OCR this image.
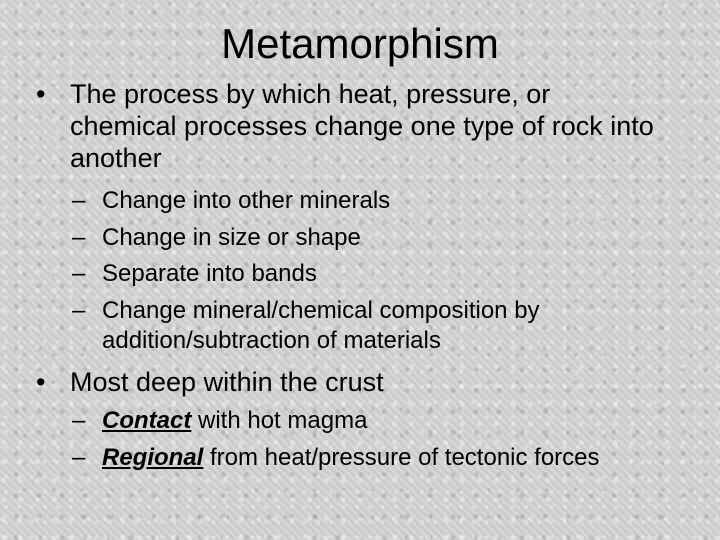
Metamorphism
• The process by which heat, pressure, or chemical processes change one type of rock into another
– Change into other minerals
– Change in size or shape
– Separate into bands
– Change mineral/chemical composition by addition/subtraction of materials
• Most deep within the crust
– Contact with hot magma
– Regional from heat/pressure of tectonic forces
